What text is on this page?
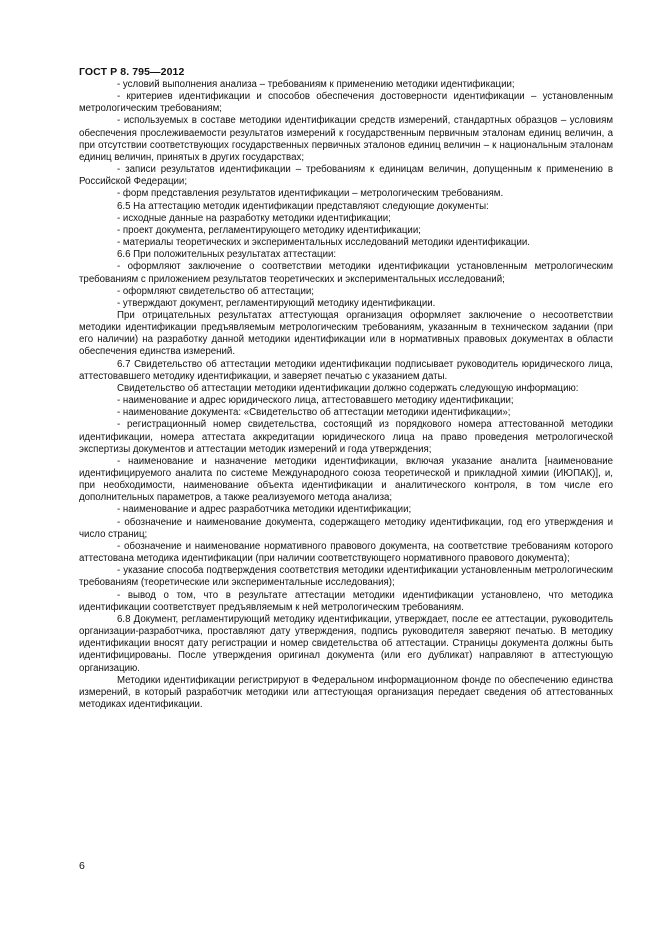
ГОСТ Р 8. 795—2012

- условий выполнения анализа – требованиям к применению методики идентификации;

- критериев идентификации и способов обеспечения достоверности идентификации – установленным метрологическим требованиям;

- используемых в составе методики идентификации средств измерений, стандартных образцов – условиям обеспечения прослеживаемости результатов измерений к государственным первичным эталонам единиц величин, а при отсутствии соответствующих государственных первичных эталонов единиц величин – к национальным эталонам единиц величин, принятых в других государствах;

- записи результатов идентификации – требованиям к единицам величин, допущенным к применению в Российской Федерации;

- форм представления результатов идентификации – метрологическим требованиям.

6.5 На аттестацию методик идентификации представляют следующие документы:

- исходные данные на разработку методики идентификации;

- проект документа, регламентирующего методику идентификации;

- материалы теоретических и экспериментальных исследований методики идентификации.

6.6 При положительных результатах аттестации:

- оформляют заключение о соответствии методики идентификации установленным метрологическим требованиям с приложением результатов теоретических и экспериментальных исследований;

- оформляют свидетельство об аттестации;

- утверждают документ, регламентирующий методику идентификации.

При отрицательных результатах аттестующая организация оформляет заключение о несоответствии методики идентификации предъявляемым метрологическим требованиям, указанным в техническом задании (при его наличии) на разработку данной методики идентификации или в нормативных правовых документах в области обеспечения единства измерений.

6.7 Свидетельство об аттестации методики идентификации подписывает руководитель юридического лица, аттестовавшего методику идентификации, и заверяет печатью с указанием даты.

Свидетельство об аттестации методики идентификации должно содержать следующую информацию:

- наименование и адрес юридического лица, аттестовавшего методику идентификации;

- наименование документа: «Свидетельство об аттестации методики идентификации»;

- регистрационный номер свидетельства, состоящий из порядкового номера аттестованной методики идентификации, номера аттестата аккредитации юридического лица на право проведения метрологической экспертизы документов и аттестации методик измерений и года утверждения;

- наименование и назначение методики идентификации, включая указание аналита [наименование идентифицируемого аналита по системе Международного союза теоретической и прикладной химии (ИЮПАК)], и, при необходимости, наименование объекта идентификации и аналитического контроля, в том числе его дополнительных параметров, а также реализуемого метода анализа;

- наименование и адрес разработчика методики идентификации;

- обозначение и наименование документа, содержащего методику идентификации, год его утверждения и число страниц;

- обозначение и наименование нормативного правового документа, на соответствие требованиям которого аттестована методика идентификации (при наличии соответствующего нормативного правового документа);

- указание способа подтверждения соответствия методики идентификации установленным метрологическим требованиям (теоретические или экспериментальные исследования);

- вывод о том, что в результате аттестации методики идентификации установлено, что методика идентификации соответствует предъявляемым к ней метрологическим требованиям.

6.8 Документ, регламентирующий методику идентификации, утверждает, после ее аттестации, руководитель организации-разработчика, проставляют дату утверждения, подпись руководителя заверяют печатью. В методику идентификации вносят дату регистрации и номер свидетельства об аттестации. Страницы документа должны быть идентифицированы. После утверждения оригинал документа (или его дубликат) направляют в аттестующую организацию.

Методики идентификации регистрируют в Федеральном информационном фонде по обеспечению единства измерений, в который разработчик методики или аттестующая организация передает сведения об аттестованных методиках идентификации.

6
